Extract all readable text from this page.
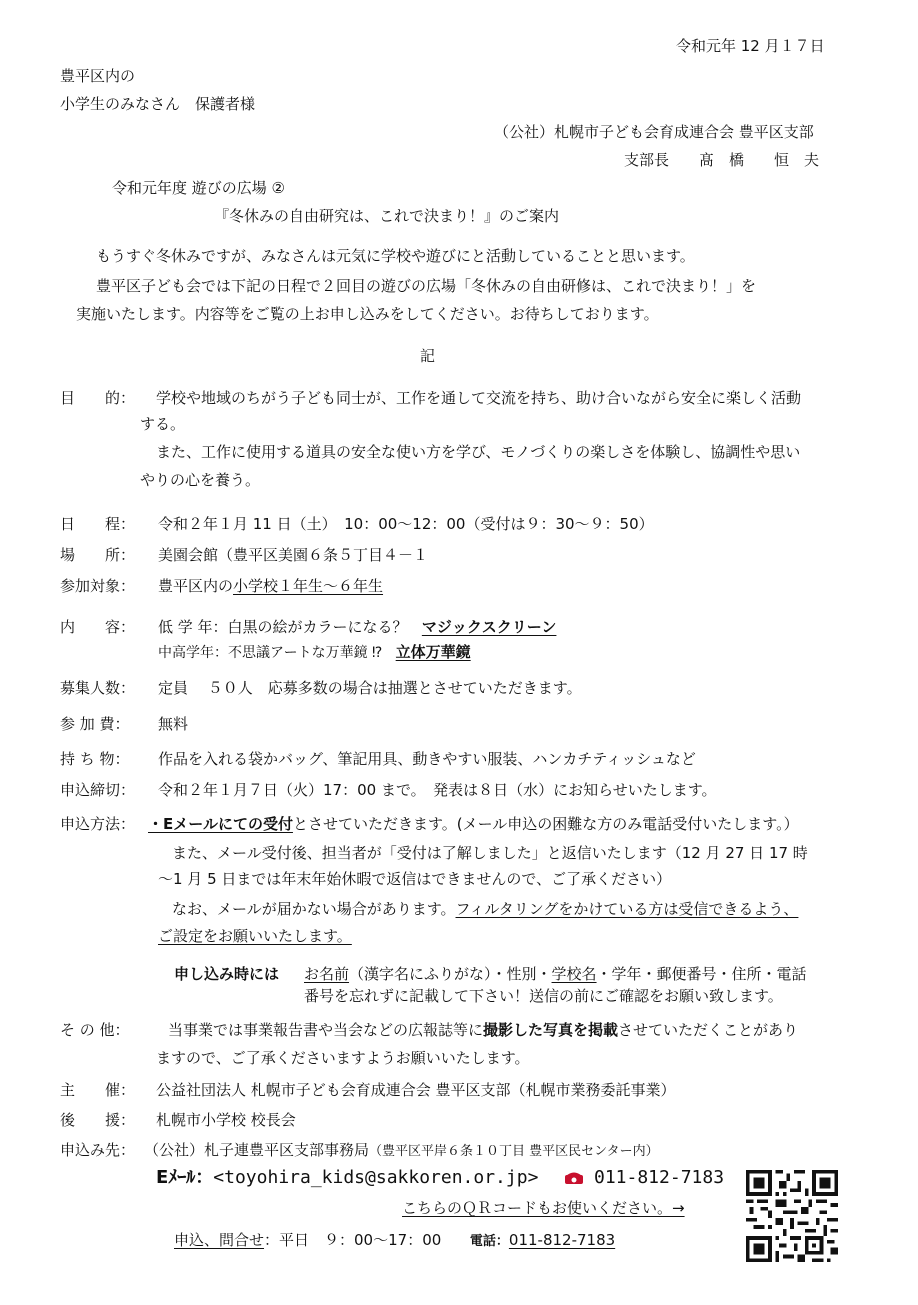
令和元年 12 月１７日
豊平区内の
小学生のみなさん　保護者様
（公社）札幌市子ども会育成連合会 豊平区支部
支部長　　髙　橋　　恒　夫
令和元年度 遊びの広場 ②
『冬休みの自由研究は、これで決まり！』のご案内
もうすぐ冬休みですが、みなさんは元気に学校や遊びにと活動していることと思います。
豊平区子ども会では下記の日程で２回目の遊びの広場「冬休みの自由研修は、これで決まり！」を
実施いたします。内容等をご覧の上お申し込みをしてください。お待ちしております。
記
目　　的： 学校や地域のちがう子ども同士が、工作を通して交流を持ち、助け合いながら安全に楽しく活動
する。
また、工作に使用する道具の安全な使い方を学び、モノづくりの楽しさを体験し、協調性や思い
やりの心を養う。
日　　程： 令和２年１月 11 日（土）　10：00～12：00（受付は９：30～９：50）
場　　所： 美園会館（豊平区美園６条５丁目４－１
参加対象： 豊平区内の小学校１年生～６年生
内　　容： 低 学 年：白黒の絵がカラーになる？ マジックスクリーン
中高学年：不思議アートな万華鏡 ⁉ 立体万華鏡
募集人数： 定員　 ５０人　応募多数の場合は抽選とさせていただきます。
参 加 費： 無料
持 ち 物： 作品を入れる袋かバッグ、筆記用具、動きやすい服装、ハンカチティッシュなど
申込締切： 令和２年１月７日（火）17：00 まで。　発表は８日（水）にお知らせいたします。
申込方法： ・Eメールにての受付とさせていただきます。(メール申込の困難な方のみ電話受付いたします。）
また、メール受付後、担当者が「受付は了解しました」と返信いたします（12 月 27 日 17 時
～1 月 5 日までは年末年始休暇で返信はできませんので、ご了承ください）
なお、メールが届かない場合があります。フィルタリングをかけている方は受信できるよう、
ご設定をお願いいたします。
申し込み時には お名前（漢字名にふりがな）・性別・学校名・学年・郵便番号・住所・電話
番号を忘れずに記載して下さい！送信の前にご確認をお願い致します。
そ の 他：	当事業では事業報告書や当会などの広報誌等に撮影した写真を掲載させていただくことがあり
ますので、ご了承くださいますようお願いいたします。
主　　催： 公益社団法人 札幌市子ども会育成連合会 豊平区支部（札幌市業務委託事業）
後　　援： 札幌市小学校 校長会
申込み先： （公社）札子連豊平区支部事務局（豊平区平岸６条１０丁目 豊平区民センター内）
Eﾒｰﾙ：<toyohira_kids@sakkoren.or.jp>	011-812-7183
こちらのＱＲコードもお使いください。→
申込、問合せ：平日　９：00～17：00 電話：011-812-7183
